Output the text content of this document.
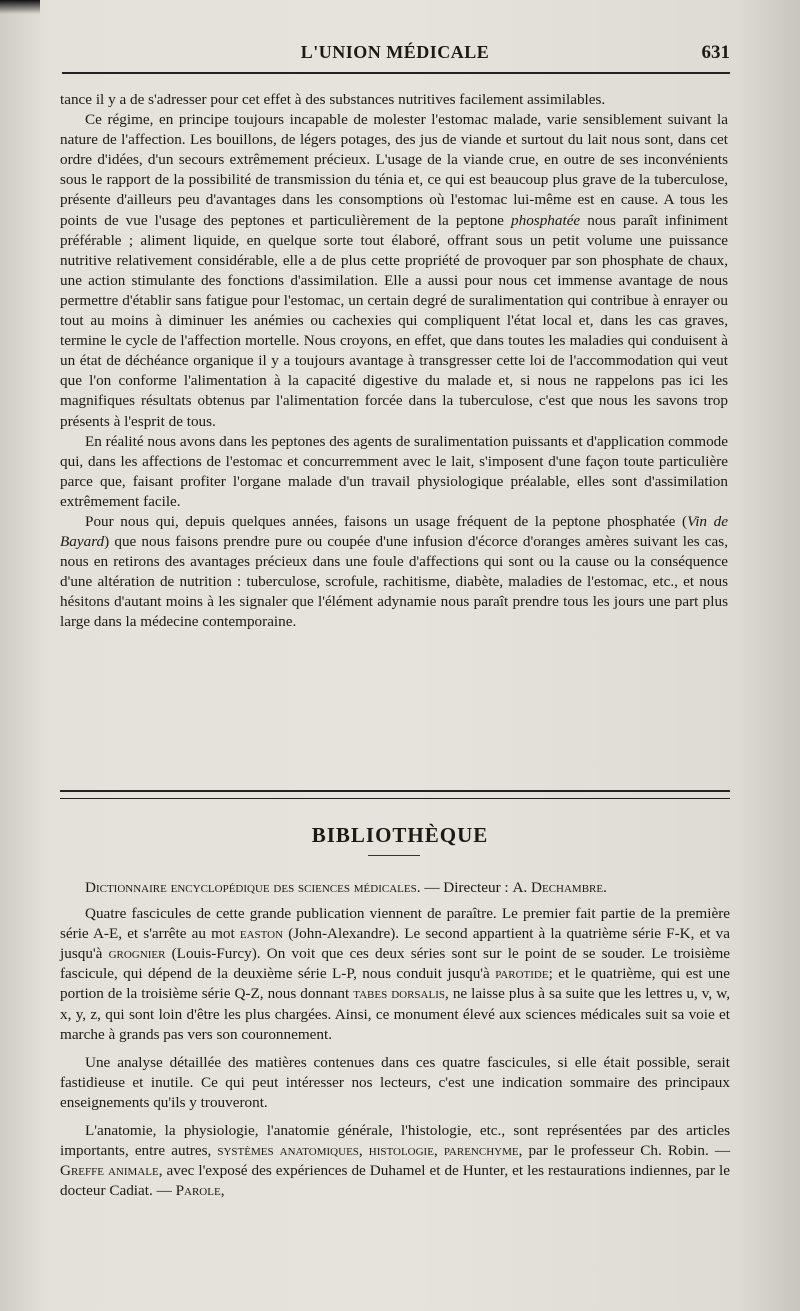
L'UNION MÉDICALE	631

tance il y a de s'adresser pour cet effet à des substances nutritives facilement assimilables.

Ce régime, en principe toujours incapable de molester l'estomac malade, varie sensiblement suivant la nature de l'affection. Les bouillons, de légers potages, des jus de viande et surtout du lait nous sont, dans cet ordre d'idées, d'un secours extrêmement précieux. L'usage de la viande crue, en outre de ses inconvénients sous le rapport de la possibilité de transmission du ténia et, ce qui est beaucoup plus grave de la tuberculose, présente d'ailleurs peu d'avantages dans les consomptions où l'estomac lui-même est en cause. A tous les points de vue l'usage des peptones et particulièrement de la peptone phosphatée nous paraît infiniment préférable ; aliment liquide, en quelque sorte tout élaboré, offrant sous un petit volume une puissance nutritive relativement considérable, elle a de plus cette propriété de provoquer par son phosphate de chaux, une action stimulante des fonctions d'assimilation. Elle a aussi pour nous cet immense avantage de nous permettre d'établir sans fatigue pour l'estomac, un certain degré de suralimentation qui contribue à enrayer ou tout au moins à diminuer les anémies ou cachexies qui compliquent l'état local et, dans les cas graves, termine le cycle de l'affection mortelle. Nous croyons, en effet, que dans toutes les maladies qui conduisent à un état de déchéance organique il y a toujours avantage à transgresser cette loi de l'accommodation qui veut que l'on conforme l'alimentation à la capacité digestive du malade et, si nous ne rappelons pas ici les magnifiques résultats obtenus par l'alimentation forcée dans la tuberculose, c'est que nous les savons trop présents à l'esprit de tous.

En réalité nous avons dans les peptones des agents de suralimentation puissants et d'application commode qui, dans les affections de l'estomac et concurremment avec le lait, s'imposent d'une façon toute particulière parce que, faisant profiter l'organe malade d'un travail physiologique préalable, elles sont d'assimilation extrêmement facile.

Pour nous qui, depuis quelques années, faisons un usage fréquent de la peptone phosphatée (Vin de Bayard) que nous faisons prendre pure ou coupée d'une infusion d'écorce d'oranges amères suivant les cas, nous en retirons des avantages précieux dans une foule d'affections qui sont ou la cause ou la conséquence d'une altération de nutrition : tuberculose, scrofule, rachitisme, diabète, maladies de l'estomac, etc., et nous hésitons d'autant moins à les signaler que l'élément adynamie nous paraît prendre tous les jours une part plus large dans la médecine contemporaine.

BIBLIOTHÈQUE

Dictionnaire encyclopédique des sciences médicales. — Directeur : A. Dechambre.

Quatre fascicules de cette grande publication viennent de paraître. Le premier fait partie de la première série A-E, et s'arrête au mot easton (John-Alexandre). Le second appartient à la quatrième série F-K, et va jusqu'à grognier (Louis-Furcy). On voit que ces deux séries sont sur le point de se souder. Le troisième fascicule, qui dépend de la deuxième série L-P, nous conduit jusqu'à parotide; et le quatrième, qui est une portion de la troisième série Q-Z, nous donnant tabes dorsalis, ne laisse plus à sa suite que les lettres u, v, w, x, y, z, qui sont loin d'être les plus chargées. Ainsi, ce monument élevé aux sciences médicales suit sa voie et marche à grands pas vers son couronnement.

Une analyse détaillée des matières contenues dans ces quatre fascicules, si elle était possible, serait fastidieuse et inutile. Ce qui peut intéresser nos lecteurs, c'est une indication sommaire des principaux enseignements qu'ils y trouveront.

L'anatomie, la physiologie, l'anatomie générale, l'histologie, etc., sont représentées par des articles importants, entre autres, systèmes anatomiques, histologie, parenchyme, par le professeur Ch. Robin. — Greffe animale, avec l'exposé des expériences de Duhamel et de Hunter, et les restaurations indiennes, par le docteur Cadiat. — Parole,
